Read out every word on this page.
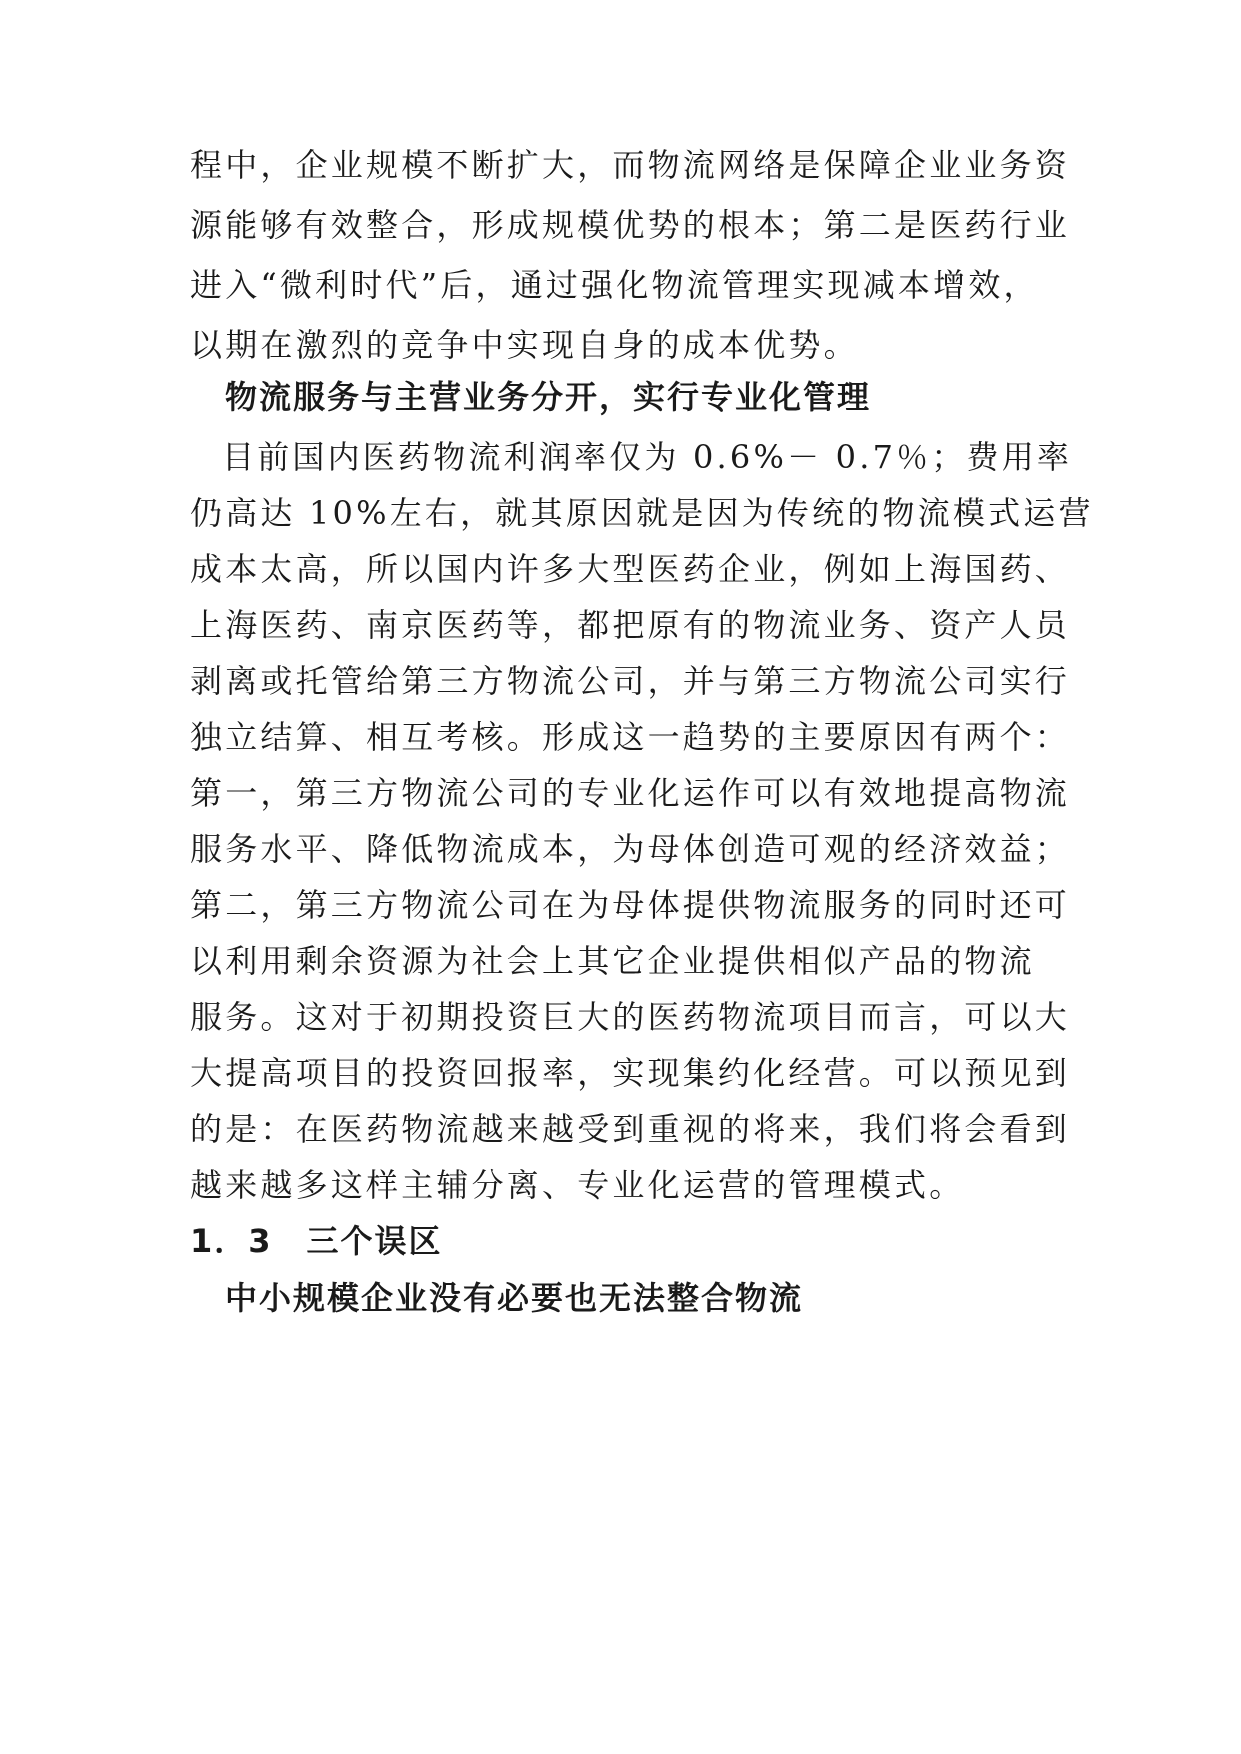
程中，企业规模不断扩大，而物流网络是保障企业业务资
源能够有效整合，形成规模优势的根本；第二是医药行业
进入“微利时代”后，通过强化物流管理实现减本增效，
以期在激烈的竞争中实现自身的成本优势。
物流服务与主营业务分开，实行专业化管理
目前国内医药物流利润率仅为 0.6%－ 0.7％；费用率
仍高达 10%左右，就其原因就是因为传统的物流模式运营
成本太高，所以国内许多大型医药企业，例如上海国药、
上海医药、南京医药等，都把原有的物流业务、资产人员
剥离或托管给第三方物流公司，并与第三方物流公司实行
独立结算、相互考核。形成这一趋势的主要原因有两个：
第一，第三方物流公司的专业化运作可以有效地提高物流
服务水平、降低物流成本，为母体创造可观的经济效益；
第二，第三方物流公司在为母体提供物流服务的同时还可
以利用剩余资源为社会上其它企业提供相似产品的物流
服务。这对于初期投资巨大的医药物流项目而言，可以大
大提高项目的投资回报率，实现集约化经营。可以预见到
的是：在医药物流越来越受到重视的将来，我们将会看到
越来越多这样主辅分离、专业化运营的管理模式。
1．3　三个误区
中小规模企业没有必要也无法整合物流
